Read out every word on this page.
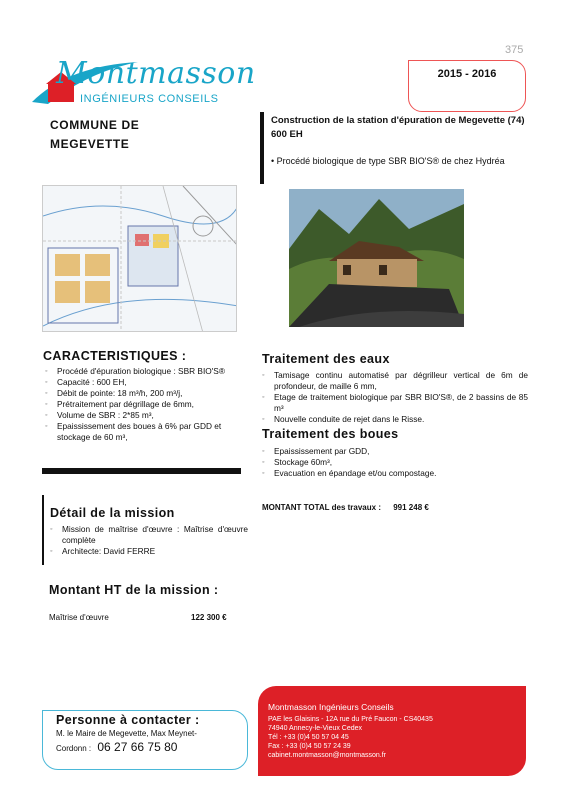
375
Montmasson
INGÉNIEURS CONSEILS
2015 - 2016
COMMUNE DE
MEGEVETTE
Construction de la station d'épuration de Megevette (74)
600 EH
• Procédé biologique de type SBR BIO'S® de chez Hydréa
CARACTERISTIQUES :
◦ Procédé d'épuration biologique : SBR BIO'S®
◦ Capacité : 600 EH,
◦ Débit de pointe: 18 m³/h, 200 m³/j,
◦ Prétraitement par dégrillage de 6mm,
◦ Volume de SBR : 2*85 m³,
◦ Epaississement des boues à 6% par GDD et stockage de 60 m³,
Traitement des eaux
◦ Tamisage continu automatisé par dégrilleur vertical de 6m de profondeur, de maille 6 mm,
◦ Etage de traitement biologique par SBR BIO'S®, de 2 bassins de 85 m³
◦ Nouvelle conduite de rejet dans le Risse.
Traitement des boues
◦ Epaississement par GDD,
◦ Stockage 60m³,
◦ Evacuation en épandage et/ou compostage.
MONTANT TOTAL des travaux : 991 248 €
Détail de la mission
◦ Mission de maîtrise d'œuvre : Maîtrise d'œuvre complète
◦ Architecte: David FERRE
Montant HT de la mission :
Maîtrise d'œuvre	122 300 €
Personne à contacter :
M. le Maire de Megevette, Max Meynet-
Cordonn : 06 27 66 75 80
Montmasson Ingénieurs Conseils
PAE les Glaisins - 12A rue du Pré Faucon - CS40435
74940 Annecy-le-Vieux Cedex
Tél : +33 (0)4 50 57 04 45
Fax : +33 (0)4 50 57 24 39
cabinet.montmasson@montmasson.fr
